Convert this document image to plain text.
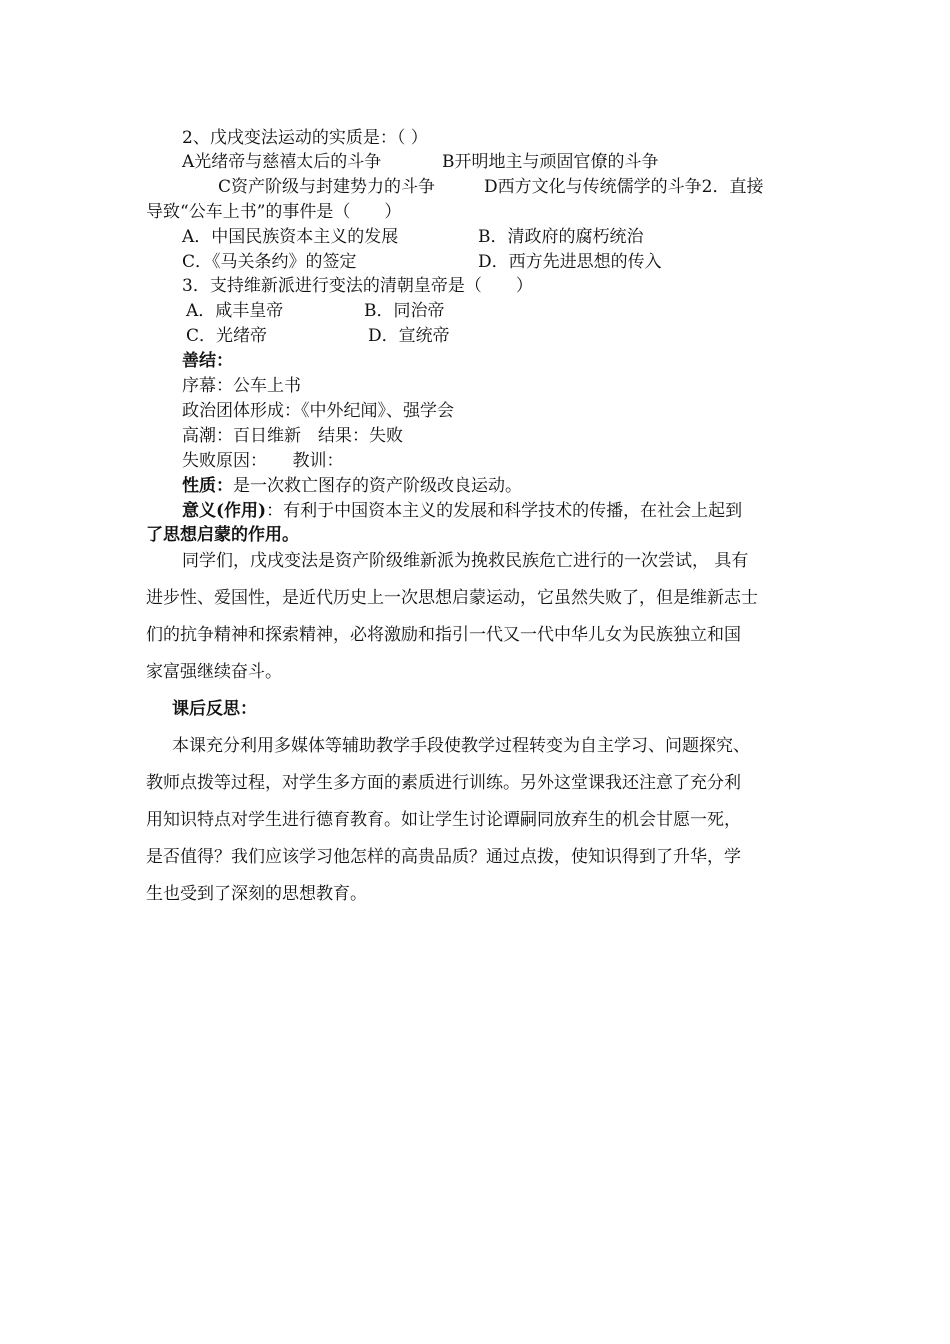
2、戊戌变法运动的实质是：（ ）
A光绪帝与慈禧太后的斗争	B开明地主与顽固官僚的斗争
C资产阶级与封建势力的斗争	D西方文化与传统儒学的斗争2．直接
导致“公车上书”的事件是（　　）
A．中国民族资本主义的发展	B．清政府的腐朽统治
C．《马关条约》的签定	D．西方先进思想的传入
3．支持维新派进行变法的清朝皇帝是（　　）
A．咸丰皇帝	B．同治帝
C．光绪帝	D．宣统帝
善结：
序幕：公车上书
政治团体形成：《中外纪闻》、强学会
高潮：百日维新　结果：失败
失败原因：　　教训：
性质：是一次救亡图存的资产阶级改良运动。
意义(作用)：有利于中国资本主义的发展和科学技术的传播，在社会上起到
了思想启蒙的作用。
同学们，戊戌变法是资产阶级维新派为挽救民族危亡进行的一次尝试， 具有
进步性、爱国性，是近代历史上一次思想启蒙运动，它虽然失败了，但是维新志士
们的抗争精神和探索精神，必将激励和指引一代又一代中华儿女为民族独立和国
家富强继续奋斗。
课后反思：
本课充分利用多媒体等辅助教学手段使教学过程转变为自主学习、问题探究、
教师点拨等过程，对学生多方面的素质进行训练。另外这堂课我还注意了充分利
用知识特点对学生进行德育教育。如让学生讨论谭嗣同放弃生的机会甘愿一死，
是否值得？我们应该学习他怎样的高贵品质？通过点拨，使知识得到了升华，学
生也受到了深刻的思想教育。
